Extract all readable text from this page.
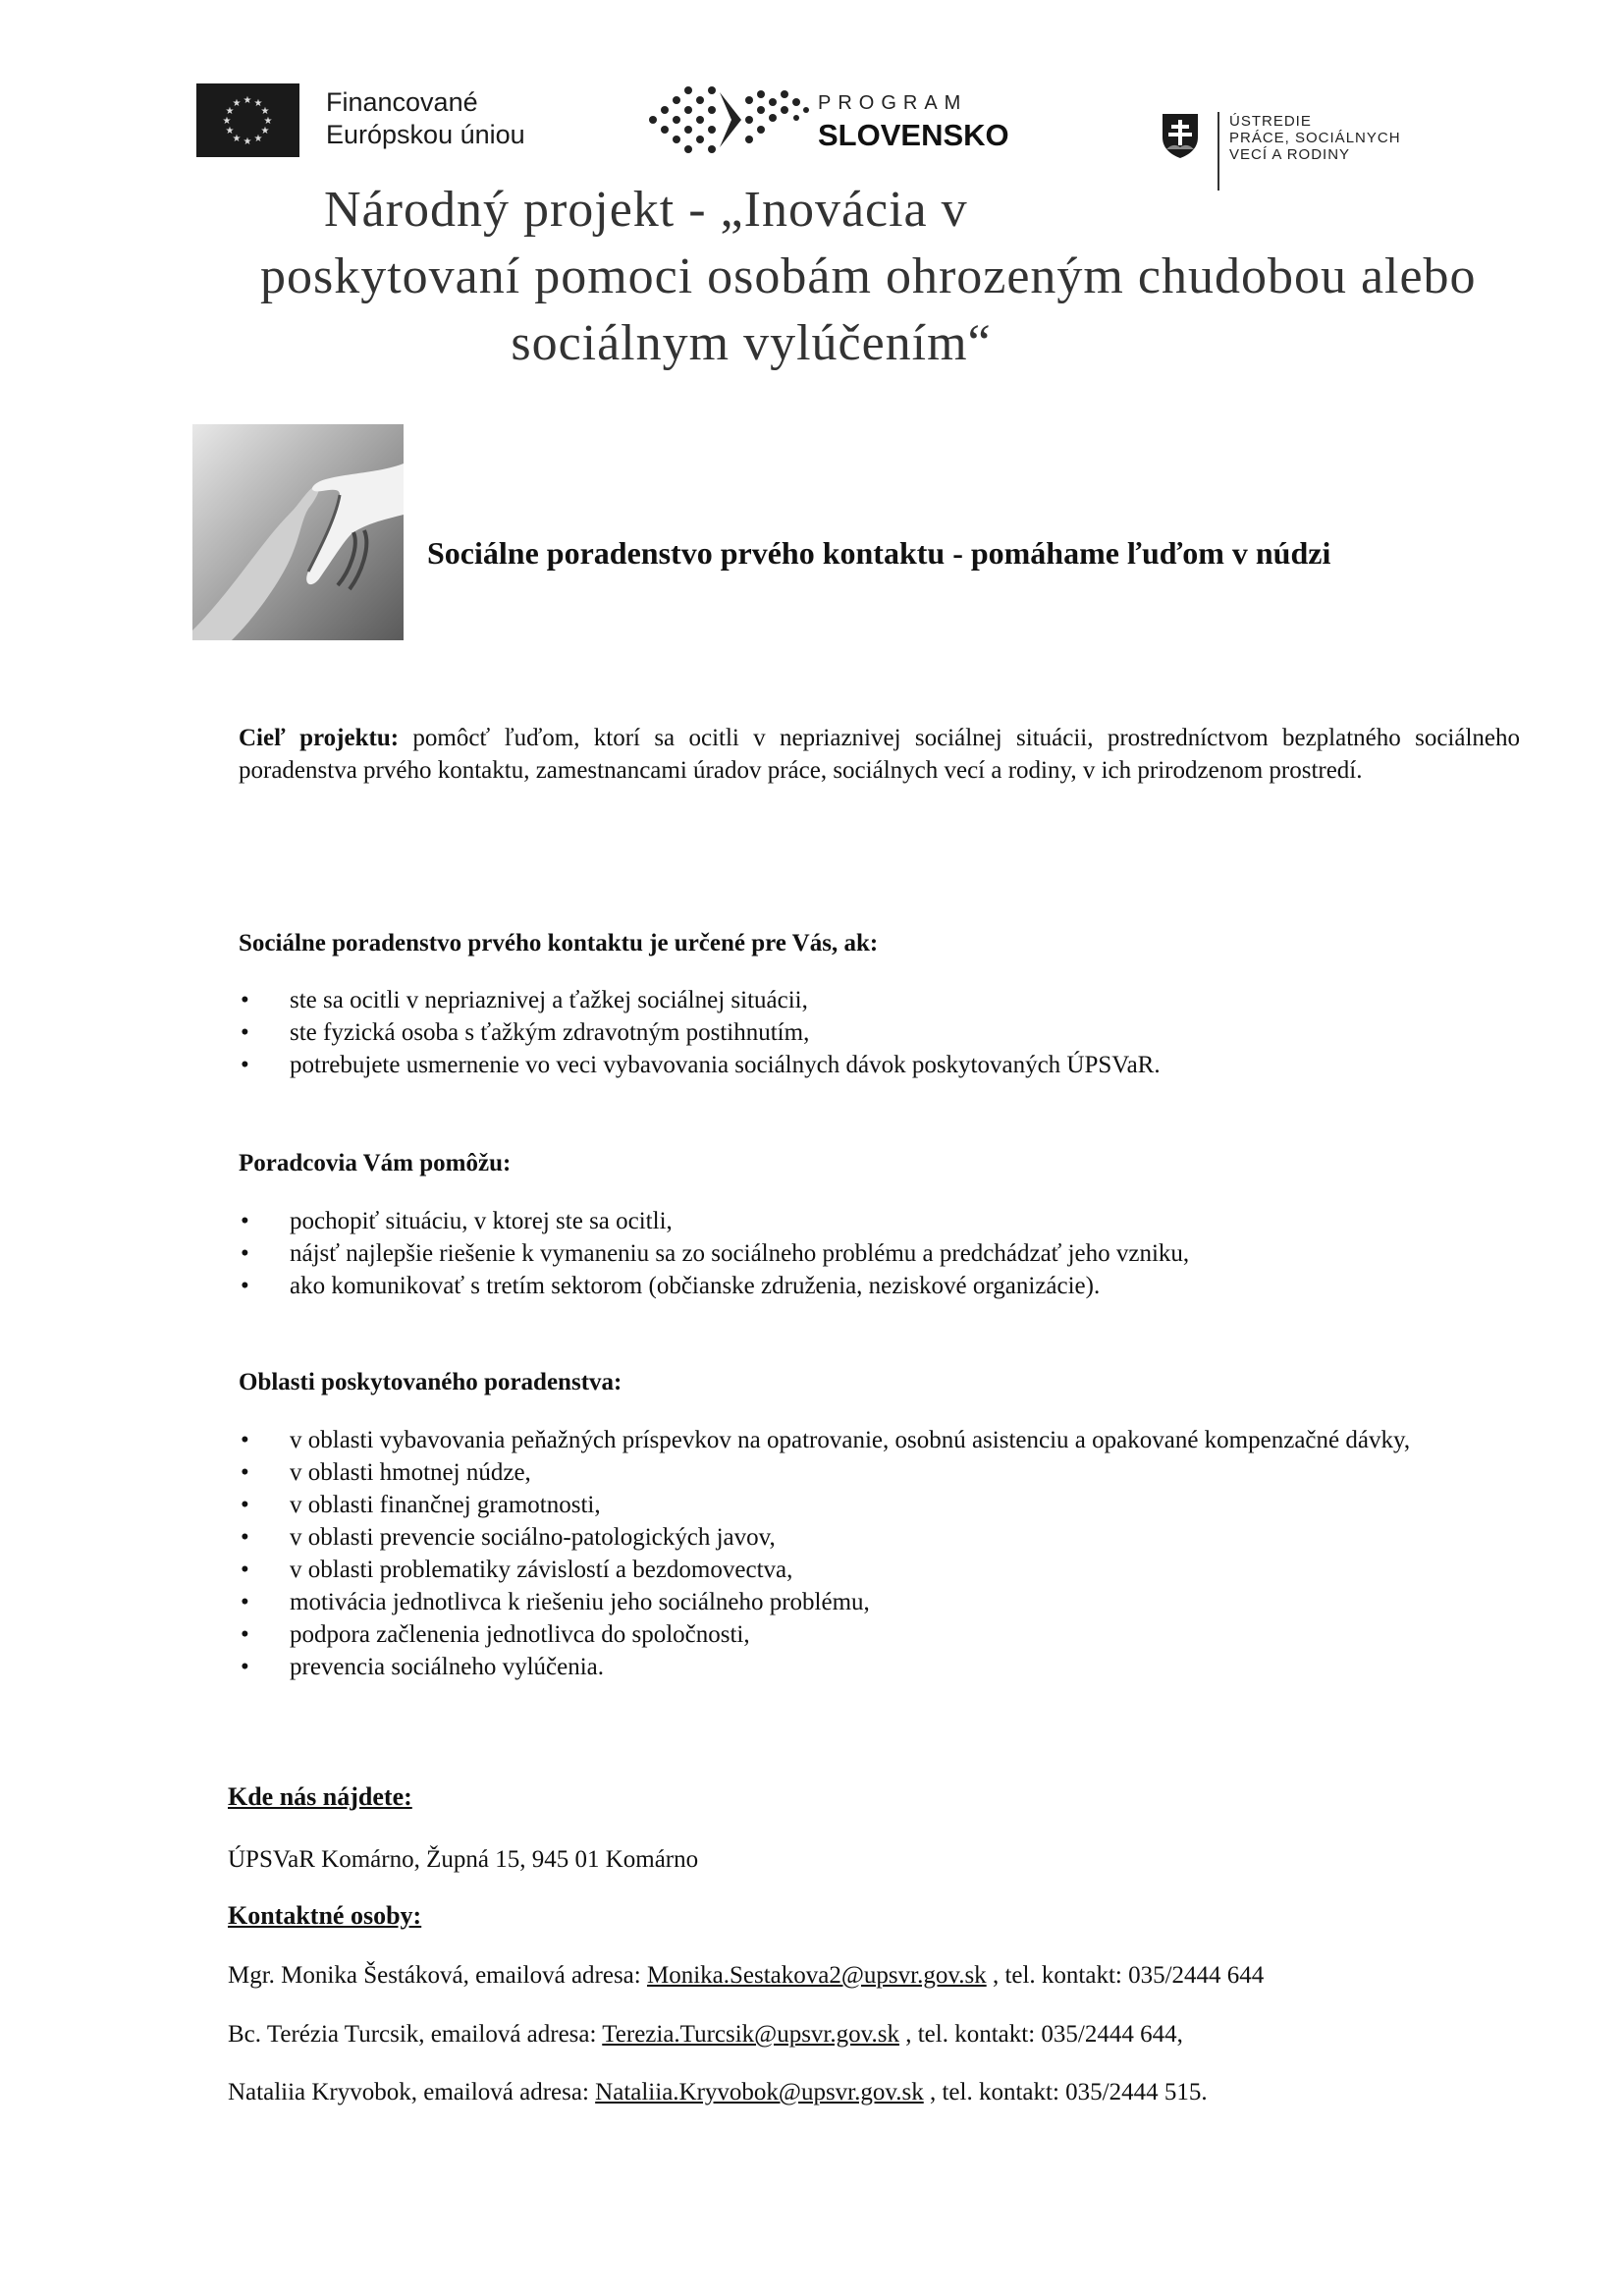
★ ★
★
★
★
★
★
★
★
★
★
★	Financované
Európskou úniou
PROGRAM
SLOVENSKO	ÚSTREDIE
PRÁCE, SOCIÁLNYCH
VECÍ A RODINY
Národný projekt - „Inovácia v
poskytovaní pomoci osobám ohrozeným chudobou alebo
sociálnym vylúčením“
Sociálne poradenstvo prvého kontaktu - pomáhame ľuďom v núdzi
Cieľ projektu: pomôcť ľuďom, ktorí sa ocitli v nepriaznivej sociálnej situácii, prostredníctvom bezplatného sociálneho poradenstva prvého kontaktu, zamestnancami úradov práce, sociálnych vecí a rodiny, v ich prirodzenom prostredí.
Sociálne poradenstvo prvého kontaktu je určené pre Vás, ak:
• ste sa ocitli v nepriaznivej a ťažkej sociálnej situácii,
• ste fyzická osoba s ťažkým zdravotným postihnutím,
• potrebujete usmernenie vo veci vybavovania sociálnych dávok poskytovaných ÚPSVaR.
Poradcovia Vám pomôžu:
• pochopiť situáciu, v ktorej ste sa ocitli,
• nájsť najlepšie riešenie k vymaneniu sa zo sociálneho problému a predchádzať jeho vzniku,
• ako komunikovať s tretím sektorom (občianske združenia, neziskové organizácie).
Oblasti poskytovaného poradenstva:
• v oblasti vybavovania peňažných príspevkov na opatrovanie, osobnú asistenciu a opakované kompenzačné dávky,
• v oblasti hmotnej núdze,
• v oblasti finančnej gramotnosti,
• v oblasti prevencie sociálno-patologických javov,
• v oblasti problematiky závislostí a bezdomovectva,
• motivácia jednotlivca k riešeniu jeho sociálneho problému,
• podpora začlenenia jednotlivca do spoločnosti,
• prevencia sociálneho vylúčenia.
Kde nás nájdete:
ÚPSVaR Komárno, Župná 15, 945 01 Komárno
Kontaktné osoby:
Mgr. Monika Šestáková, emailová adresa: Monika.Sestakova2@upsvr.gov.sk , tel. kontakt: 035/2444 644
Bc. Terézia Turcsik, emailová adresa: Terezia.Turcsik@upsvr.gov.sk , tel. kontakt: 035/2444 644,
Nataliia Kryvobok, emailová adresa: Nataliia.Kryvobok@upsvr.gov.sk , tel. kontakt: 035/2444 515.
